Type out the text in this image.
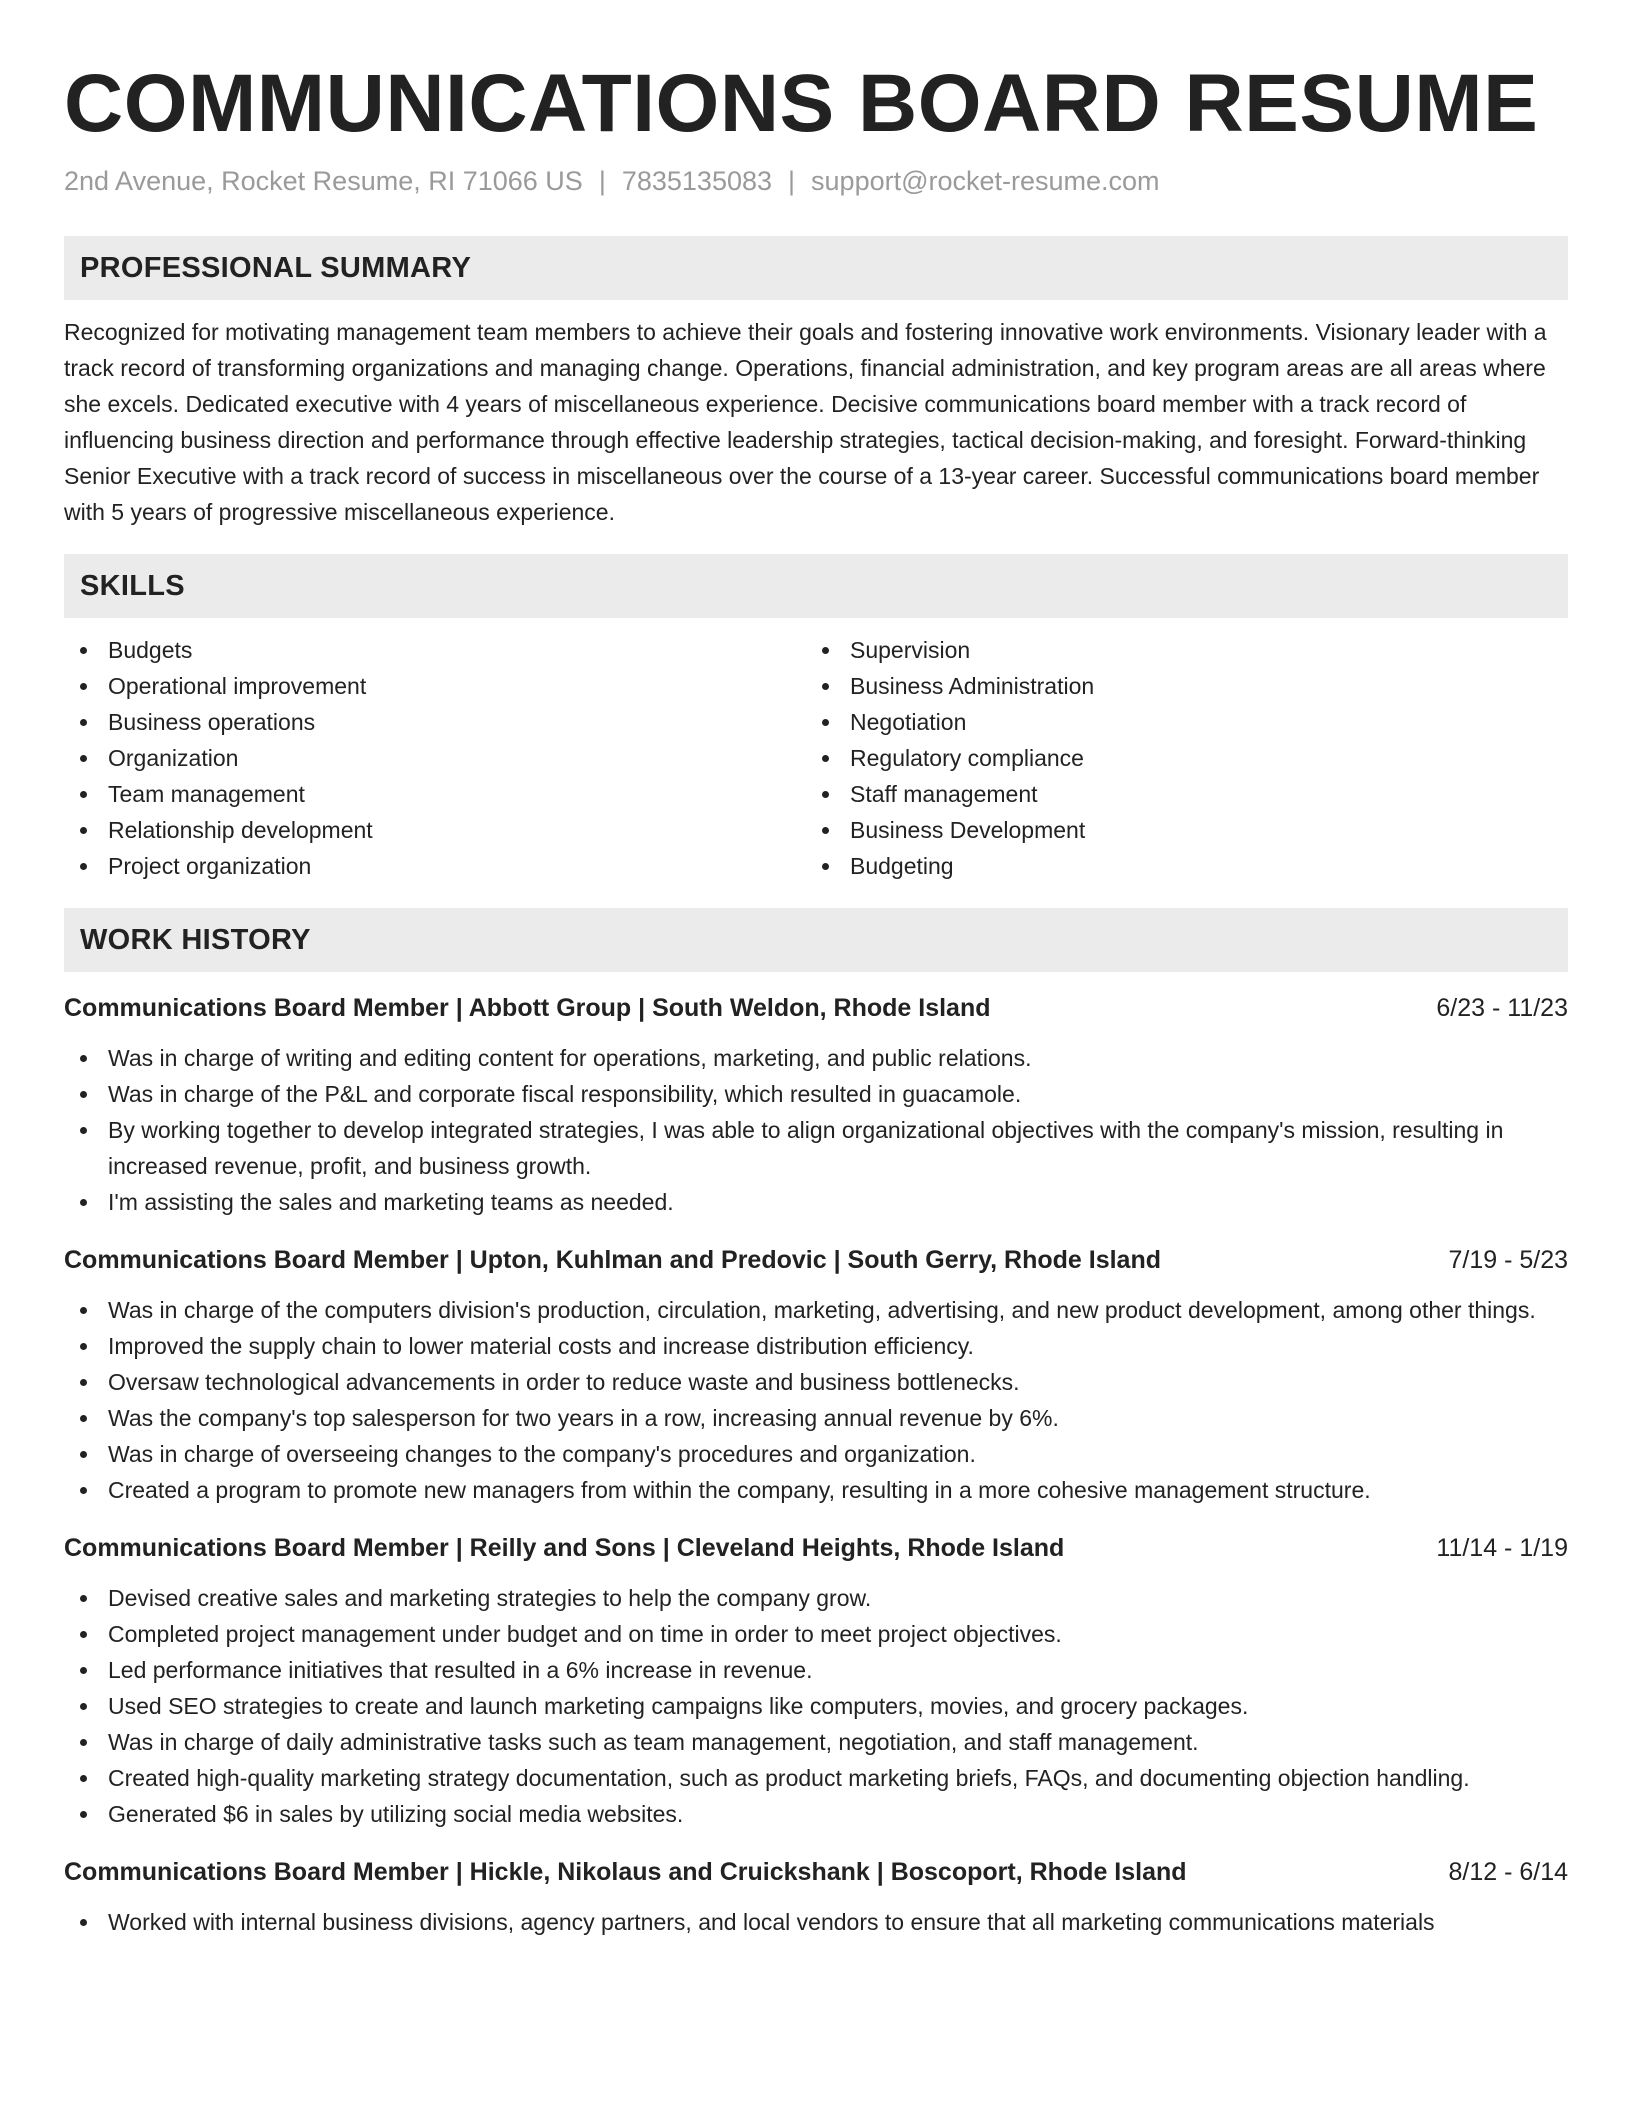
COMMUNICATIONS BOARD RESUME
2nd Avenue, Rocket Resume, RI 71066 US | 7835135083 | support@rocket-resume.com
PROFESSIONAL SUMMARY
Recognized for motivating management team members to achieve their goals and fostering innovative work environments. Visionary leader with a track record of transforming organizations and managing change. Operations, financial administration, and key program areas are all areas where she excels. Dedicated executive with 4 years of miscellaneous experience. Decisive communications board member with a track record of influencing business direction and performance through effective leadership strategies, tactical decision-making, and foresight. Forward-thinking Senior Executive with a track record of success in miscellaneous over the course of a 13-year career. Successful communications board member with 5 years of progressive miscellaneous experience.
SKILLS
Budgets
Operational improvement
Business operations
Organization
Team management
Relationship development
Project organization
Supervision
Business Administration
Negotiation
Regulatory compliance
Staff management
Business Development
Budgeting
WORK HISTORY
Communications Board Member | Abbott Group | South Weldon, Rhode Island	6/23 - 11/23
Was in charge of writing and editing content for operations, marketing, and public relations.
Was in charge of the P&L and corporate fiscal responsibility, which resulted in guacamole.
By working together to develop integrated strategies, I was able to align organizational objectives with the company's mission, resulting in increased revenue, profit, and business growth.
I'm assisting the sales and marketing teams as needed.
Communications Board Member | Upton, Kuhlman and Predovic | South Gerry, Rhode Island	7/19 - 5/23
Was in charge of the computers division's production, circulation, marketing, advertising, and new product development, among other things.
Improved the supply chain to lower material costs and increase distribution efficiency.
Oversaw technological advancements in order to reduce waste and business bottlenecks.
Was the company's top salesperson for two years in a row, increasing annual revenue by 6%.
Was in charge of overseeing changes to the company's procedures and organization.
Created a program to promote new managers from within the company, resulting in a more cohesive management structure.
Communications Board Member | Reilly and Sons | Cleveland Heights, Rhode Island	11/14 - 1/19
Devised creative sales and marketing strategies to help the company grow.
Completed project management under budget and on time in order to meet project objectives.
Led performance initiatives that resulted in a 6% increase in revenue.
Used SEO strategies to create and launch marketing campaigns like computers, movies, and grocery packages.
Was in charge of daily administrative tasks such as team management, negotiation, and staff management.
Created high-quality marketing strategy documentation, such as product marketing briefs, FAQs, and documenting objection handling.
Generated $6 in sales by utilizing social media websites.
Communications Board Member | Hickle, Nikolaus and Cruickshank | Boscoport, Rhode Island	8/12 - 6/14
Worked with internal business divisions, agency partners, and local vendors to ensure that all marketing communications materials
